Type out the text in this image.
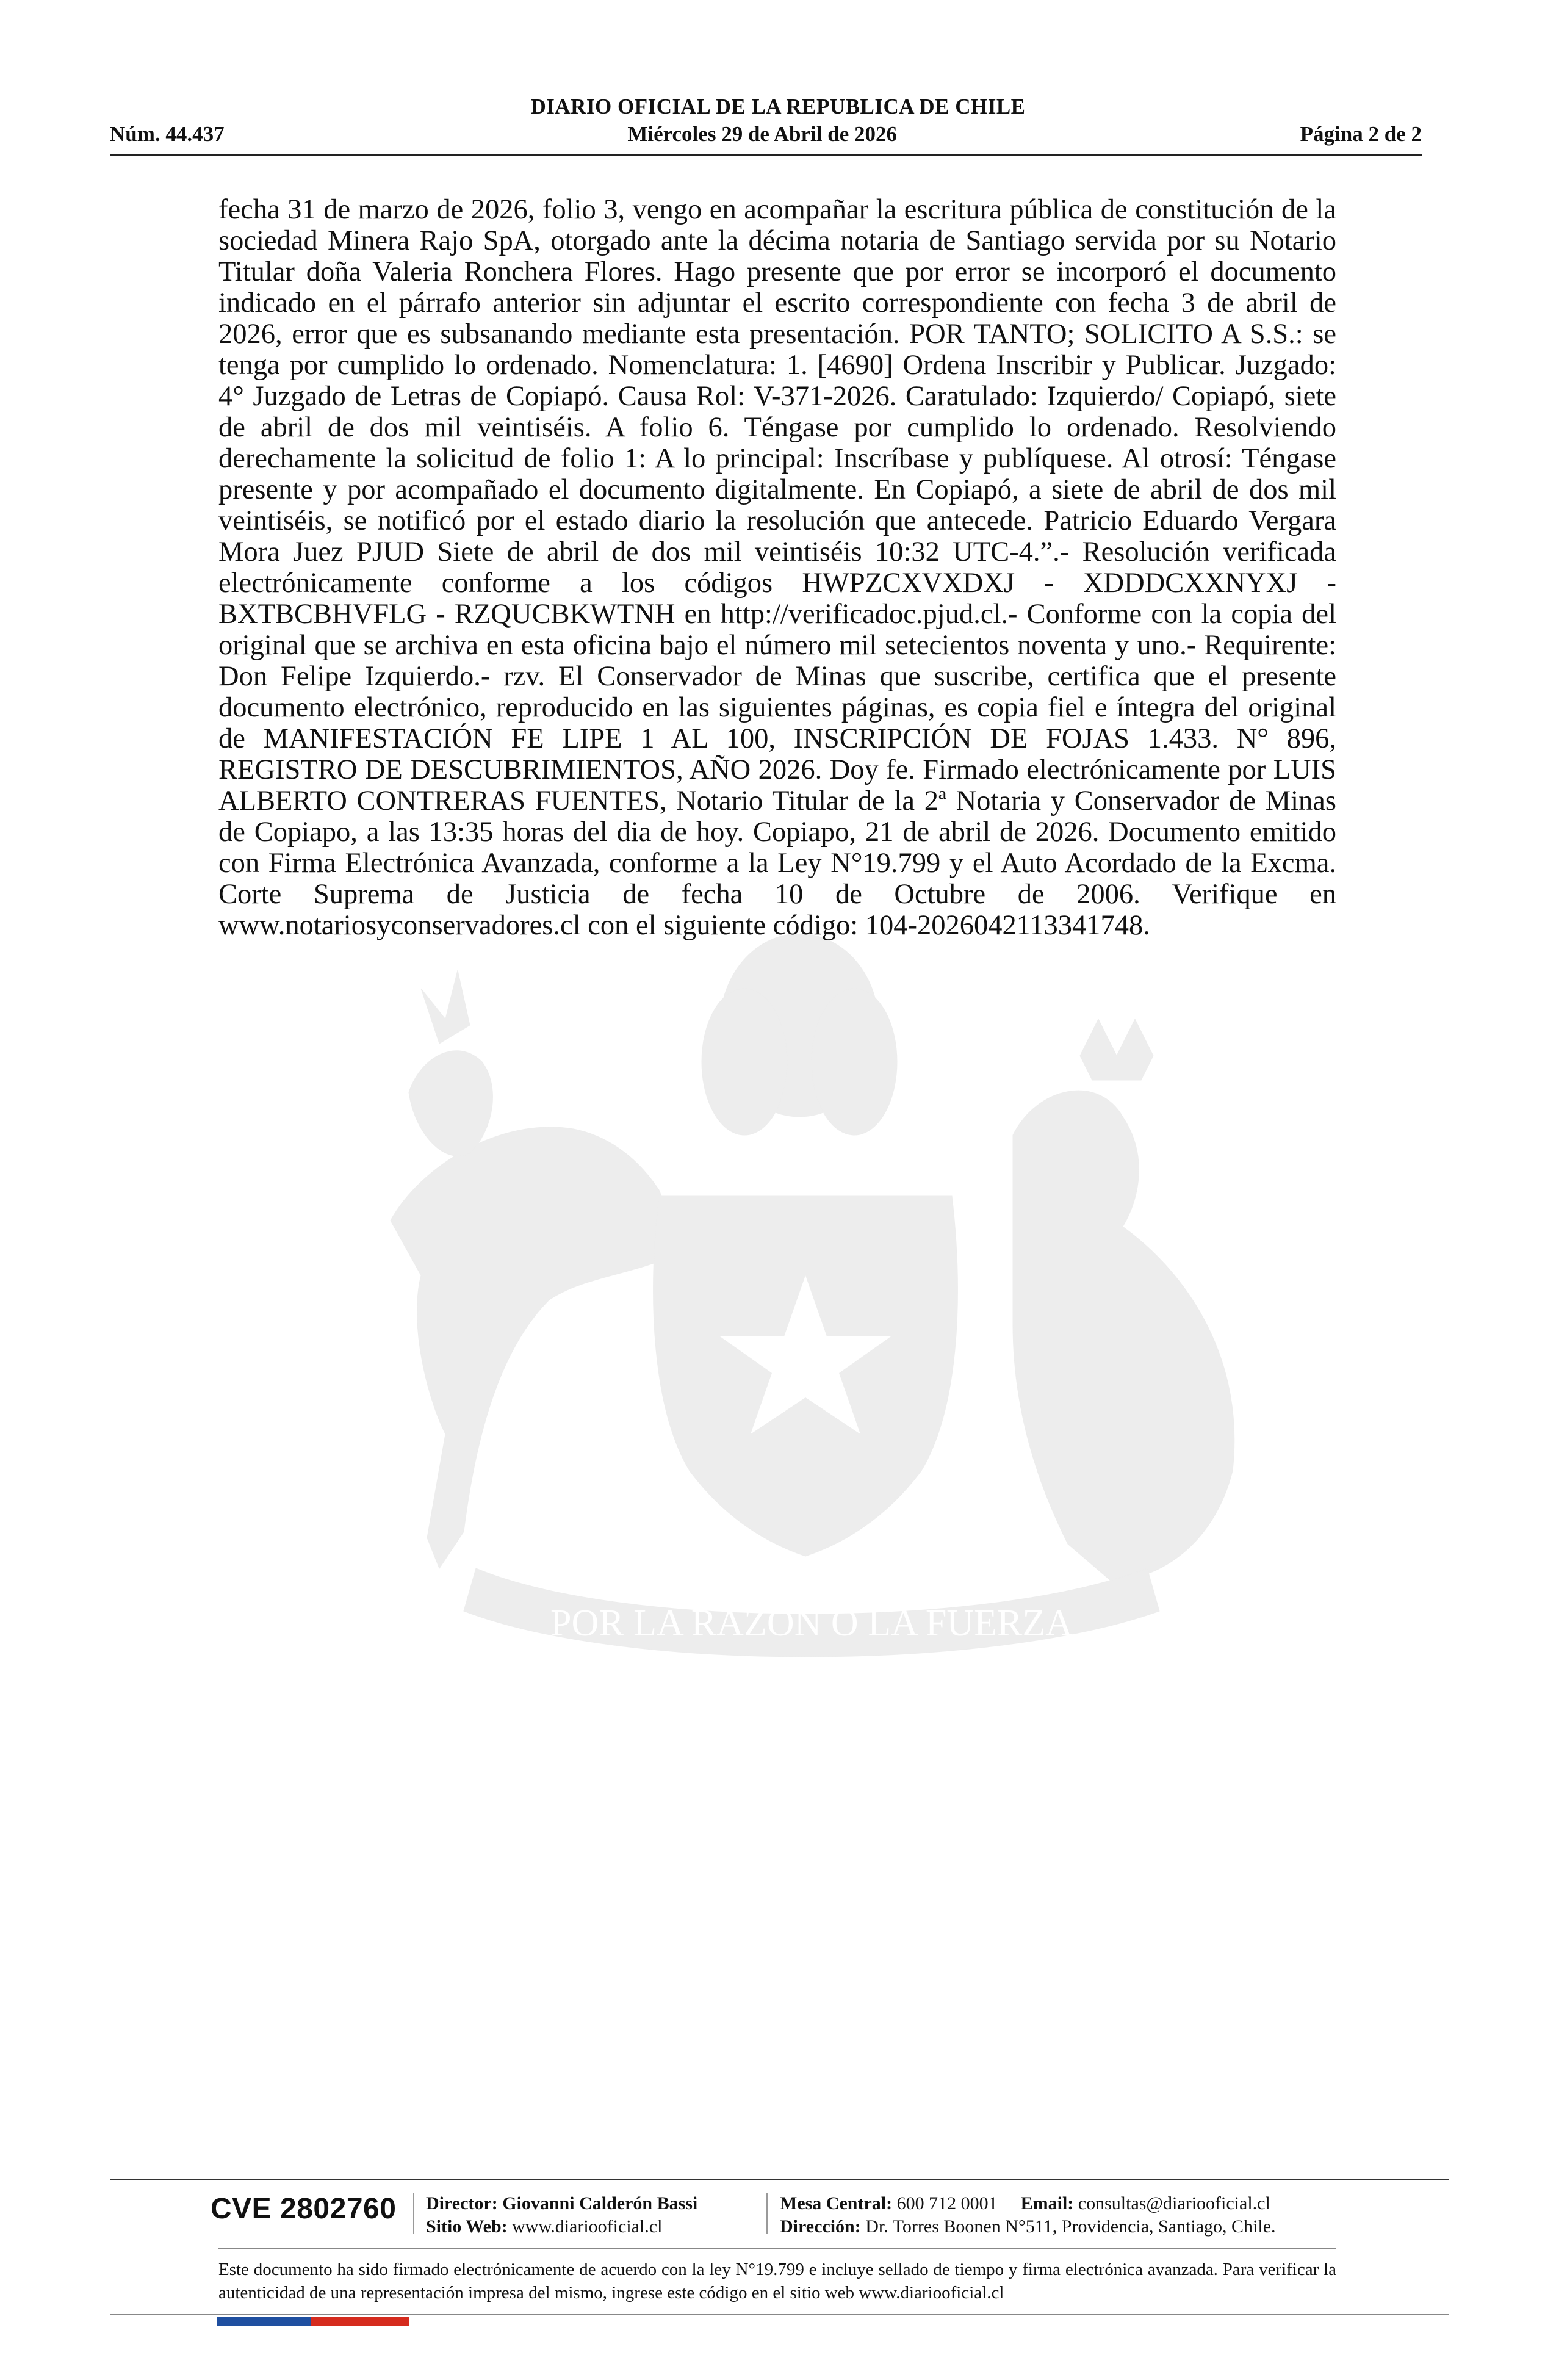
DIARIO OFICIAL DE LA REPUBLICA DE CHILE
Núm. 44.437	Miércoles 29 de Abril de 2026	Página 2 de 2
POR LA RAZON O LA FUERZA
fecha 31 de marzo de 2026, folio 3, vengo en acompañar la escritura pública de constitución de la sociedad Minera Rajo SpA, otorgado ante la décima notaria de Santiago servida por su Notario Titular doña Valeria Ronchera Flores. Hago presente que por error se incorporó el documento indicado en el párrafo anterior sin adjuntar el escrito correspondiente con fecha 3 de abril de 2026, error que es subsanando mediante esta presentación. POR TANTO; SOLICITO A S.S.: se tenga por cumplido lo ordenado. Nomenclatura: 1. [4690] Ordena Inscribir y Publicar. Juzgado: 4° Juzgado de Letras de Copiapó. Causa Rol: V-371-2026. Caratulado: Izquierdo/ Copiapó, siete de abril de dos mil veintiséis. A folio 6. Téngase por cumplido lo ordenado. Resolviendo derechamente la solicitud de folio 1: A lo principal: Inscríbase y publíquese. Al otrosí: Téngase presente y por acompañado el documento digitalmente. En Copiapó, a siete de abril de dos mil veintiséis, se notificó por el estado diario la resolución que antecede. Patricio Eduardo Vergara Mora Juez PJUD Siete de abril de dos mil veintiséis 10:32 UTC-4.”.- Resolución verificada electrónicamente conforme a los códigos HWPZCXVXDXJ - XDDDCXXNYXJ - BXTBCBHVFLG - RZQUCBKWTNH en http://verificadoc.pjud.cl.- Conforme con la copia del original que se archiva en esta oficina bajo el número mil setecientos noventa y uno.- Requirente: Don Felipe Izquierdo.- rzv. El Conservador de Minas que suscribe, certifica que el presente documento electrónico, reproducido en las siguientes páginas, es copia fiel e íntegra del original de MANIFESTACIÓN FE LIPE 1 AL 100, INSCRIPCIÓN DE FOJAS 1.433. N° 896, REGISTRO DE DESCUBRIMIENTOS, AÑO 2026. Doy fe. Firmado electrónicamente por LUIS ALBERTO CONTRERAS FUENTES, Notario Titular de la 2ª Notaria y Conservador de Minas de Copiapo, a las 13:35 horas del dia de hoy. Copiapo, 21 de abril de 2026. Documento emitido con Firma Electrónica Avanzada, conforme a la Ley N°19.799 y el Auto Acordado de la Excma. Corte Suprema de Justicia de fecha 10 de Octubre de 2006. Verifique en www.notariosyconservadores.cl con el siguiente código: 104-2026042113341748.
CVE 2802760 Director: Giovanni Calderón Bassi
Sitio Web: www.diariooficial.cl
Mesa Central: 600 712 0001 Email: consultas@diariooficial.cl
Dirección: Dr. Torres Boonen N°511, Providencia, Santiago, Chile.
Este documento ha sido firmado electrónicamente de acuerdo con la ley N°19.799 e incluye sellado de tiempo y firma electrónica avanzada. Para verificar la autenticidad de una representación impresa del mismo, ingrese este código en el sitio web www.diariooficial.cl
